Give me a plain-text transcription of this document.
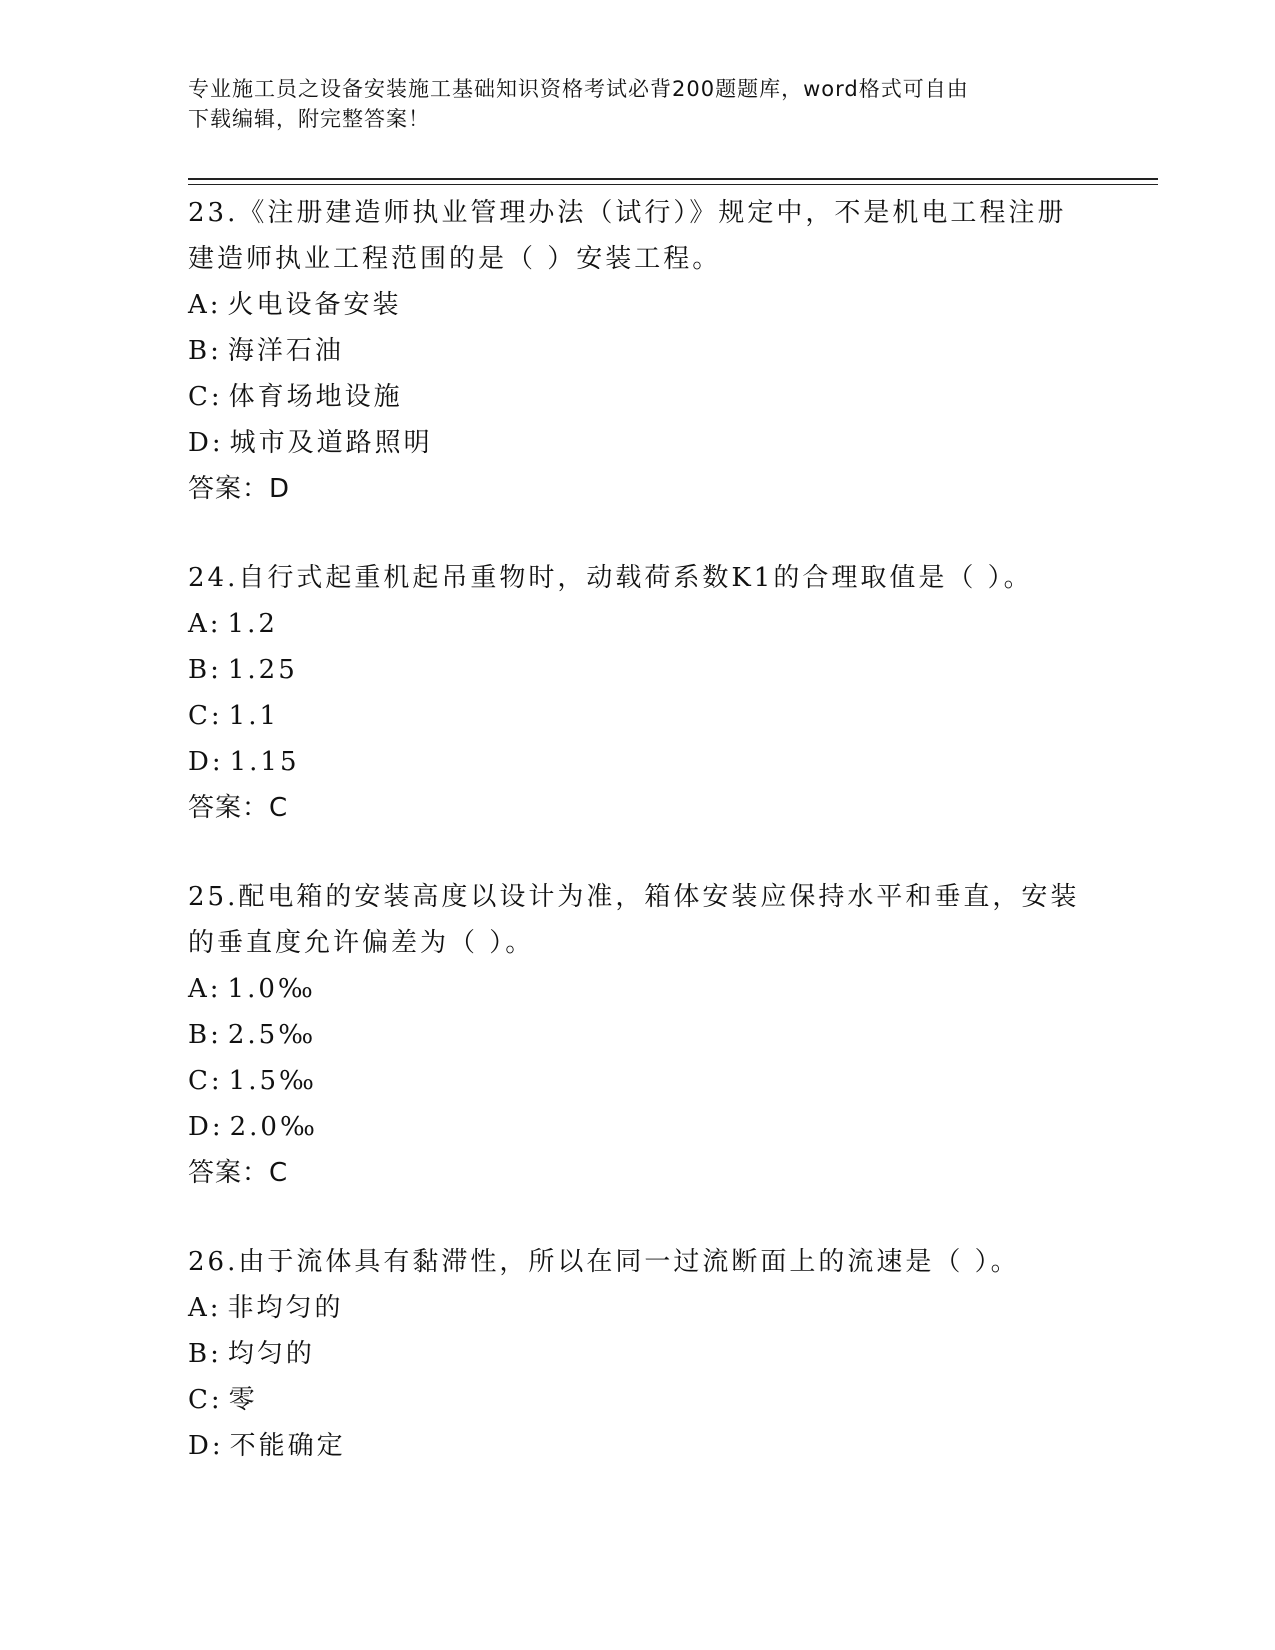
专业施工员之设备安装施工基础知识资格考试必背200题题库，word格式可自由
下载编辑，附完整答案！

23.《注册建造师执业管理办法（试行）》规定中，不是机电工程注册

建造师执业工程范围的是（ ）安装工程。

A: 火电设备安装

B: 海洋石油

C: 体育场地设施

D: 城市及道路照明

答案：D

24.自行式起重机起吊重物时，动载荷系数K1的合理取值是（ ）。

A: 1.2

B: 1.25

C: 1.1

D: 1.15

答案：C

25.配电箱的安装高度以设计为准，箱体安装应保持水平和垂直，安装

的垂直度允许偏差为（ ）。

A: 1.0‰

B: 2.5‰

C: 1.5‰

D: 2.0‰

答案：C

26.由于流体具有黏滞性，所以在同一过流断面上的流速是（ ）。

A: 非均匀的

B: 均匀的

C: 零

D: 不能确定
